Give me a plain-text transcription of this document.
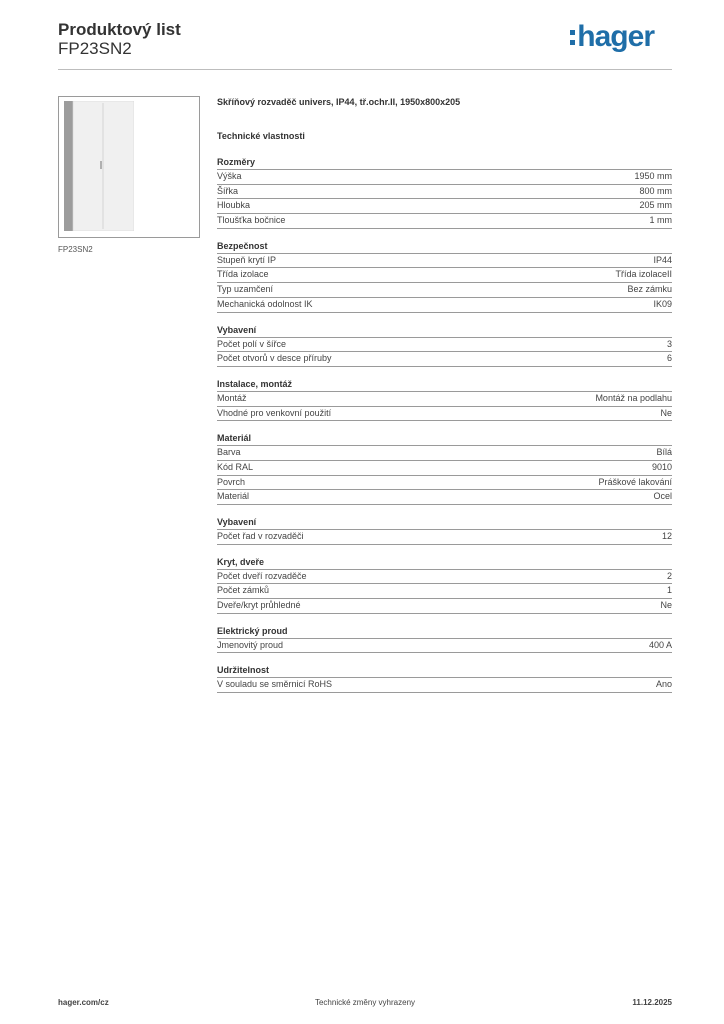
Produktový list
FP23SN2	hager
FP23SN2
Skříňový rozvaděč univers, IP44, tř.ochr.II, 1950x800x205
Technické vlastnosti
Rozměry
Výška	1950 mm
Šířka	800 mm
Hloubka	205 mm
Tloušťka bočnice	1 mm
Bezpečnost
Stupeň krytí IP	IP44
Třída izolace	Třída izolaceII
Typ uzamčení	Bez zámku
Mechanická odolnost IK	IK09
Vybavení
Počet polí v šířce	3
Počet otvorů v desce příruby	6
Instalace, montáž
Montáž	Montáž na podlahu
Vhodné pro venkovní použití	Ne
Materiál
Barva	Bílá
Kód RAL	9010
Povrch	Práškové lakování
Materiál	Ocel
Vybavení
Počet řad v rozvaděči	12
Kryt, dveře
Počet dveří rozvaděče	2
Počet zámků	1
Dveře/kryt průhledné	Ne
Elektrický proud
Jmenovitý proud	400 A
Udržitelnost
V souladu se směrnicí RoHS	Ano
hager.com/cz	Technické změny vyhrazeny	11.12.2025
